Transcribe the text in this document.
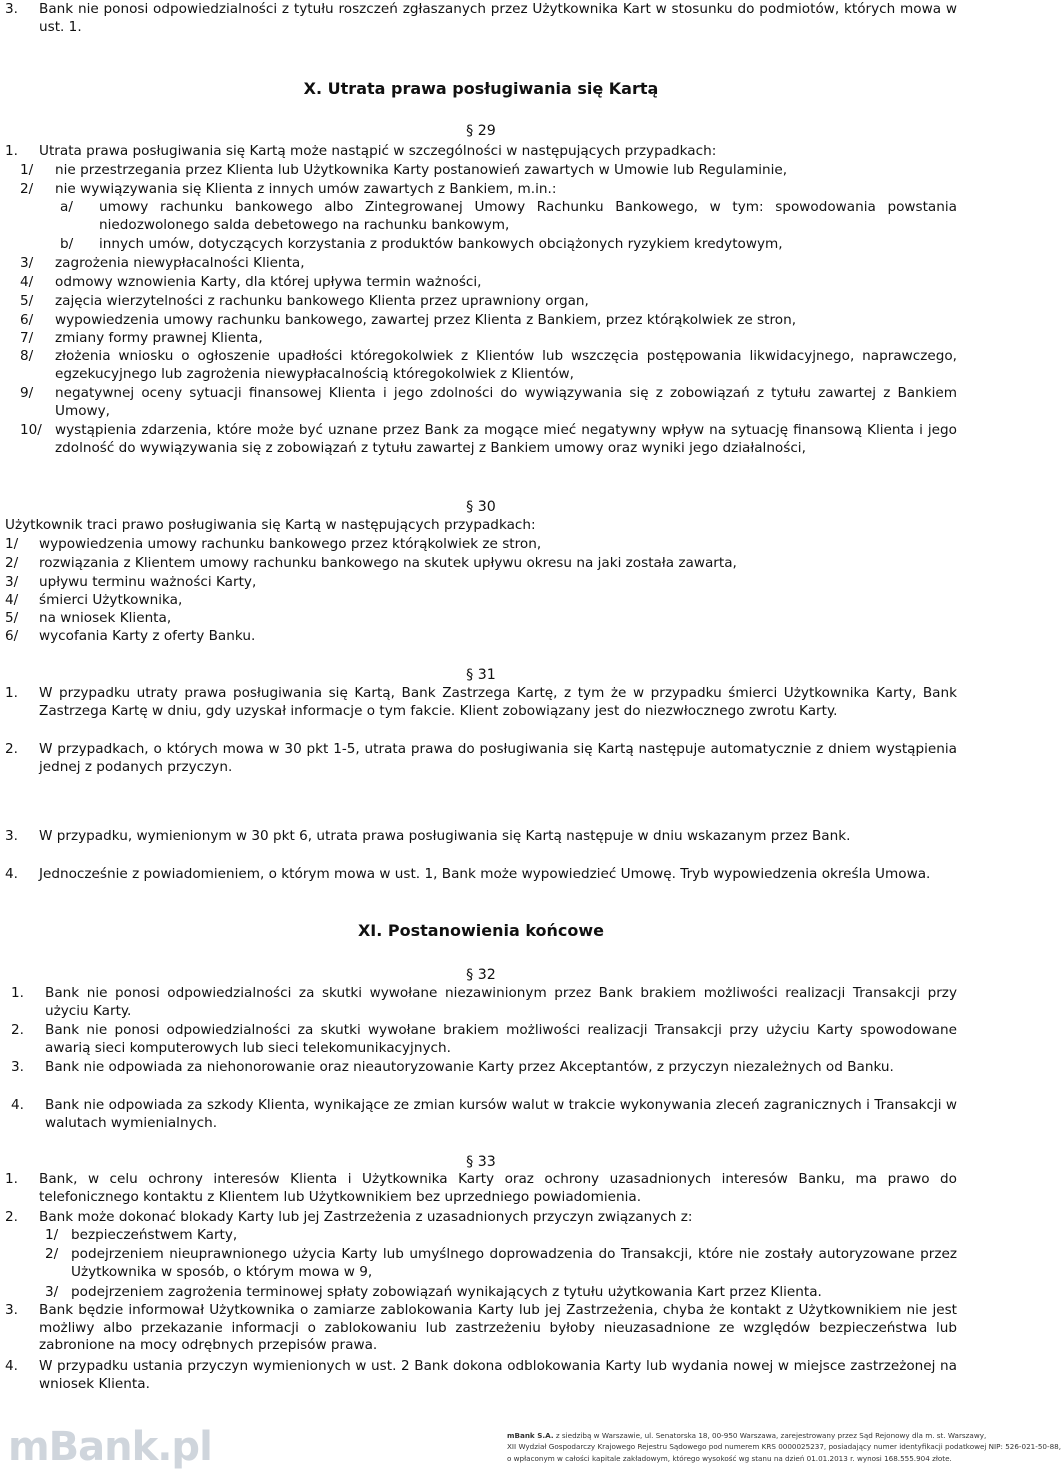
3.	Bank nie ponosi odpowiedzialności z tytułu roszczeń zgłaszanych przez Użytkownika Kart w stosunku do podmiotów, których mowa w ust. 1.
X. Utrata prawa posługiwania się Kartą
§ 29
1.	Utrata prawa posługiwania się Kartą może nastąpić w szczególności w następujących przypadkach:
1/	nie przestrzegania przez Klienta lub Użytkownika Karty postanowień zawartych w Umowie lub Regulaminie,
2/	nie wywiązywania się Klienta z innych umów zawartych z Bankiem, m.in.:
a/	umowy rachunku bankowego albo Zintegrowanej Umowy Rachunku Bankowego, w tym: spowodowania powstania niedozwolonego salda debetowego na rachunku bankowym,
b/	innych umów, dotyczących korzystania z produktów bankowych obciążonych ryzykiem kredytowym,
3/	zagrożenia niewypłacalności Klienta,
4/	odmowy wznowienia Karty, dla której upływa termin ważności,
5/	zajęcia wierzytelności z rachunku bankowego Klienta przez uprawniony organ,
6/	wypowiedzenia umowy rachunku bankowego, zawartej przez Klienta z Bankiem, przez którąkolwiek ze stron,
7/	zmiany formy prawnej Klienta,
8/	złożenia wniosku o ogłoszenie upadłości któregokolwiek z Klientów lub wszczęcia postępowania likwidacyjnego, naprawczego, egzekucyjnego lub zagrożenia niewypłacalnością któregokolwiek z Klientów,
9/	negatywnej oceny sytuacji finansowej Klienta i jego zdolności do wywiązywania się z zobowiązań z tytułu zawartej z Bankiem Umowy,
10/ wystąpienia zdarzenia, które może być uznane przez Bank za mogące mieć negatywny wpływ na sytuację finansową Klienta i jego zdolność do wywiązywania się z zobowiązań z tytułu zawartej z Bankiem umowy oraz wyniki jego działalności,
§ 30
Użytkownik traci prawo posługiwania się Kartą w następujących przypadkach:
1/	wypowiedzenia umowy rachunku bankowego przez którąkolwiek ze stron,
2/	rozwiązania z Klientem umowy rachunku bankowego na skutek upływu okresu na jaki została zawarta,
3/	upływu terminu ważności Karty,
4/	śmierci Użytkownika,
5/	na wniosek Klienta,
6/	wycofania Karty z oferty Banku.
§ 31
1.	W przypadku utraty prawa posługiwania się Kartą, Bank Zastrzega Kartę, z tym że w przypadku śmierci Użytkownika Karty, Bank Zastrzega Kartę w dniu, gdy uzyskał informacje o tym fakcie. Klient zobowiązany jest do niezwłocznego zwrotu Karty.
2.	W przypadkach, o których mowa w 30 pkt 1-5, utrata prawa do posługiwania się Kartą następuje automatycznie z dniem wystąpienia jednej z podanych przyczyn.
3.	W przypadku, wymienionym w 30 pkt 6, utrata prawa posługiwania się Kartą następuje w dniu wskazanym przez Bank.
4.	Jednocześnie z powiadomieniem, o którym mowa w ust. 1, Bank może wypowiedzieć Umowę. Tryb wypowiedzenia określa Umowa.
XI. Postanowienia końcowe
§ 32
1.	Bank nie ponosi odpowiedzialności za skutki wywołane niezawinionym przez Bank brakiem możliwości realizacji Transakcji przy użyciu Karty.
2.	Bank nie ponosi odpowiedzialności za skutki wywołane brakiem możliwości realizacji Transakcji przy użyciu Karty spowodowane awarią sieci komputerowych lub sieci telekomunikacyjnych.
3.	Bank nie odpowiada za niehonorowanie oraz nieautoryzowanie Karty przez Akceptantów, z przyczyn niezależnych od Banku.
4.	Bank nie odpowiada za szkody Klienta, wynikające ze zmian kursów walut w trakcie wykonywania zleceń zagranicznych i Transakcji w walutach wymienialnych.
§ 33
1.	Bank, w celu ochrony interesów Klienta i Użytkownika Karty oraz ochrony uzasadnionych interesów Banku, ma prawo do telefonicznego kontaktu z Klientem lub Użytkownikiem bez uprzedniego powiadomienia.
2.	Bank może dokonać blokady Karty lub jej Zastrzeżenia z uzasadnionych przyczyn związanych z:
1/ bezpieczeństwem Karty,
2/ podejrzeniem nieuprawnionego użycia Karty lub umyślnego doprowadzenia do Transakcji, które nie zostały autoryzowane przez Użytkownika w sposób, o którym mowa w 9,
3/ podejrzeniem zagrożenia terminowej spłaty zobowiązań wynikających z tytułu użytkowania Kart przez Klienta.
3.	Bank będzie informował Użytkownika o zamiarze zablokowania Karty lub jej Zastrzeżenia, chyba że kontakt z Użytkownikiem nie jest możliwy albo przekazanie informacji o zablokowaniu lub zastrzeżeniu byłoby nieuzasadnione ze względów bezpieczeństwa lub zabronione na mocy odrębnych przepisów prawa.
4.	W przypadku ustania przyczyn wymienionych w ust. 2 Bank dokona odblokowania Karty lub wydania nowej w miejsce zastrzeżonej na wniosek Klienta.
mBank.pl	mBank S.A. z siedzibą w Warszawie, ul. Senatorska 18, 00-950 Warszawa, zarejestrowany przez Sąd Rejonowy dla m. st. Warszawy,
XII Wydział Gospodarczy Krajowego Rejestru Sądowego pod numerem KRS 0000025237, posiadający numer identyfikacji podatkowej NIP: 526-021-50-88,
o wpłaconym w całości kapitale zakładowym, którego wysokość wg stanu na dzień 01.01.2013 r. wynosi 168.555.904 złote.
